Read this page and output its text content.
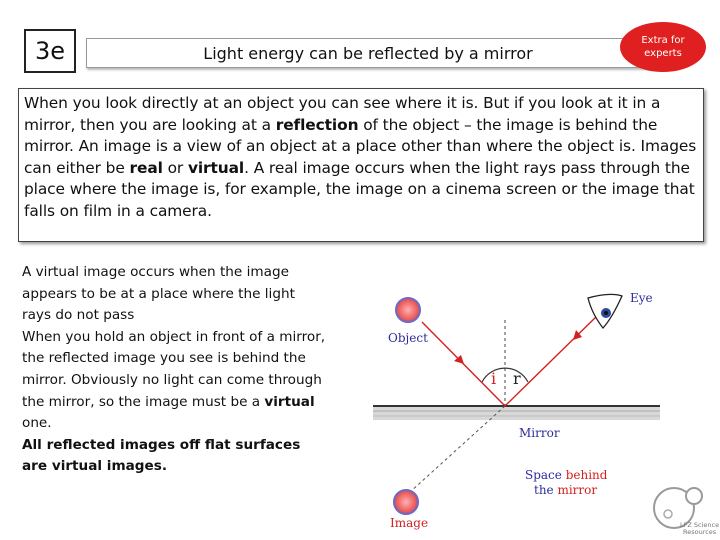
3e	Light energy can be reflected by a mirror
Extra for
experts
When you look directly at an object you can see where it is. But if you look at it in a mirror, then you are looking at a reflection of the object – the image is behind the mirror. An image is a view of an object at a place other than where the object is. Images can either be real or virtual. A real image occurs when the light rays pass through the place where the image is, for example, the image on a cinema screen or the image that falls on film in a camera.

A virtual image occurs when the image appears to be at a place where the light rays do not pass

When you hold an object in front of a mirror, the reflected image you see is behind the mirror. Obviously no light can come through the mirror, so the image must be a virtual one.

All reflected images off flat surfaces are virtual images.

Eye
Object
i r
Mirror
Space behind
the mirror
Image	LFZ Science
Resources
